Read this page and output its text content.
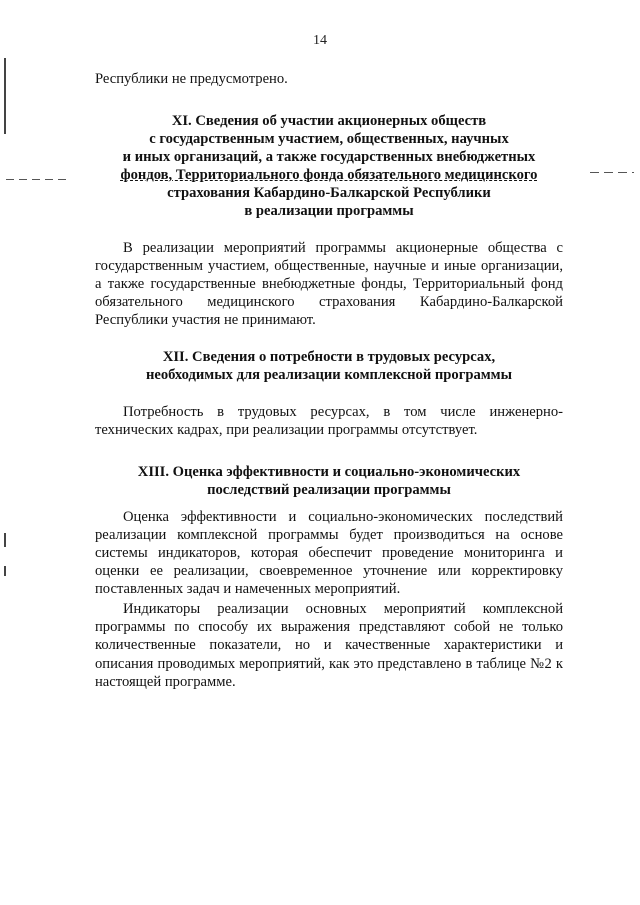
14

Республики не предусмотрено.

XI. Сведения об участии акционерных обществ
с государственным участием, общественных, научных
и иных организаций, а также государственных внебюджетных
фондов, Территориального фонда обязательного медицинского
страхования Кабардино-Балкарской Республики
в реализации программы

В реализации мероприятий программы акционерные общества с государственным участием, общественные, научные и иные организации, а также государственные внебюджетные фонды, Территориальный фонд обязательного медицинского страхования Кабардино-Балкарской Республики участия не принимают.

XII. Сведения о потребности в трудовых ресурсах,
необходимых для реализации комплексной программы

Потребность в трудовых ресурсах, в том числе инженерно-технических кадрах, при реализации программы отсутствует.

XIII. Оценка эффективности и социально-экономических
последствий реализации программы

Оценка эффективности и социально-экономических последствий реализации комплексной программы будет производиться на основе системы индикаторов, которая обеспечит проведение мониторинга и оценки ее реализации, своевременное уточнение или корректировку поставленных задач и намеченных мероприятий.

Индикаторы реализации основных мероприятий комплексной программы по способу их выражения представляют собой не только количественные показатели, но и качественные характеристики и описания проводимых мероприятий, как это представлено в таблице №2 к настоящей программе.
